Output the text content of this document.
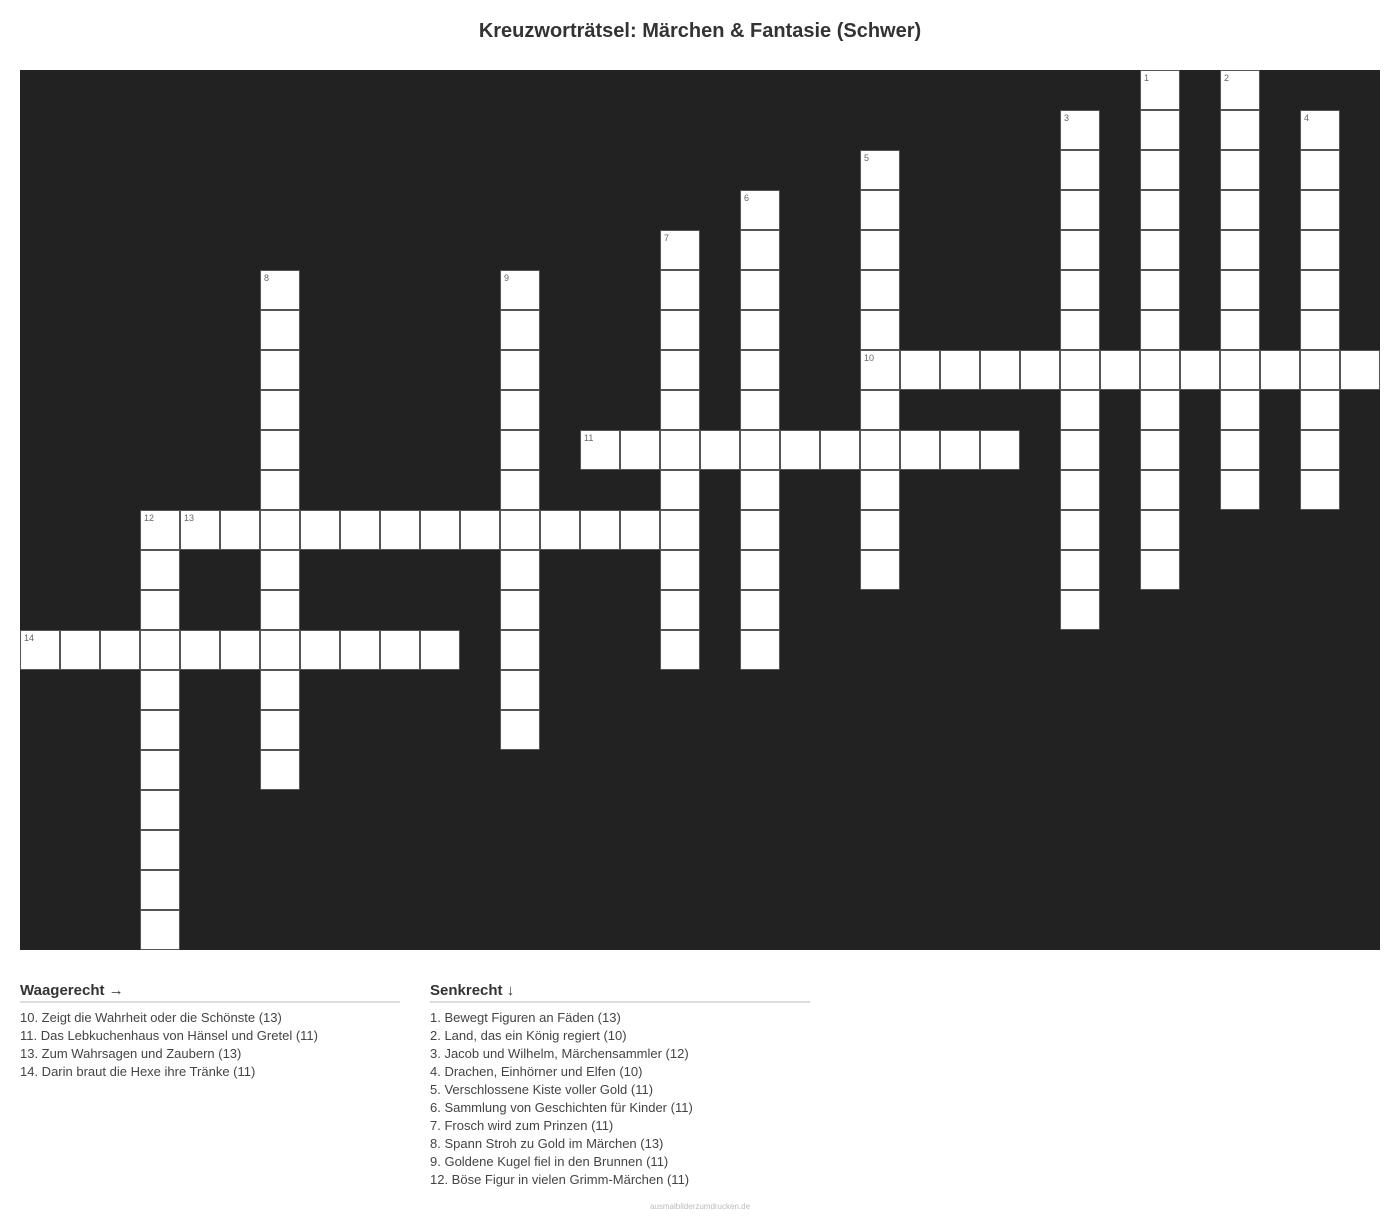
Kreuzworträtsel: Märchen & Fantasie (Schwer)
1	2
3	4
5
10
6
7
8	9
11
12	13
14
Waagerecht →
10. Zeigt die Wahrheit oder die Schönste (13)
11. Das Lebkuchenhaus von Hänsel und Gretel (11)
13. Zum Wahrsagen und Zaubern (13)
14. Darin braut die Hexe ihre Tränke (11)
Senkrecht ↓
1. Bewegt Figuren an Fäden (13)
2. Land, das ein König regiert (10)
3. Jacob und Wilhelm, Märchensammler (12)
4. Drachen, Einhörner und Elfen (10)
5. Verschlossene Kiste voller Gold (11)
6. Sammlung von Geschichten für Kinder (11)
7. Frosch wird zum Prinzen (11)
8. Spann Stroh zu Gold im Märchen (13)
9. Goldene Kugel fiel in den Brunnen (11)
12. Böse Figur in vielen Grimm-Märchen (11)
ausmalbilderzumdrucken.de
